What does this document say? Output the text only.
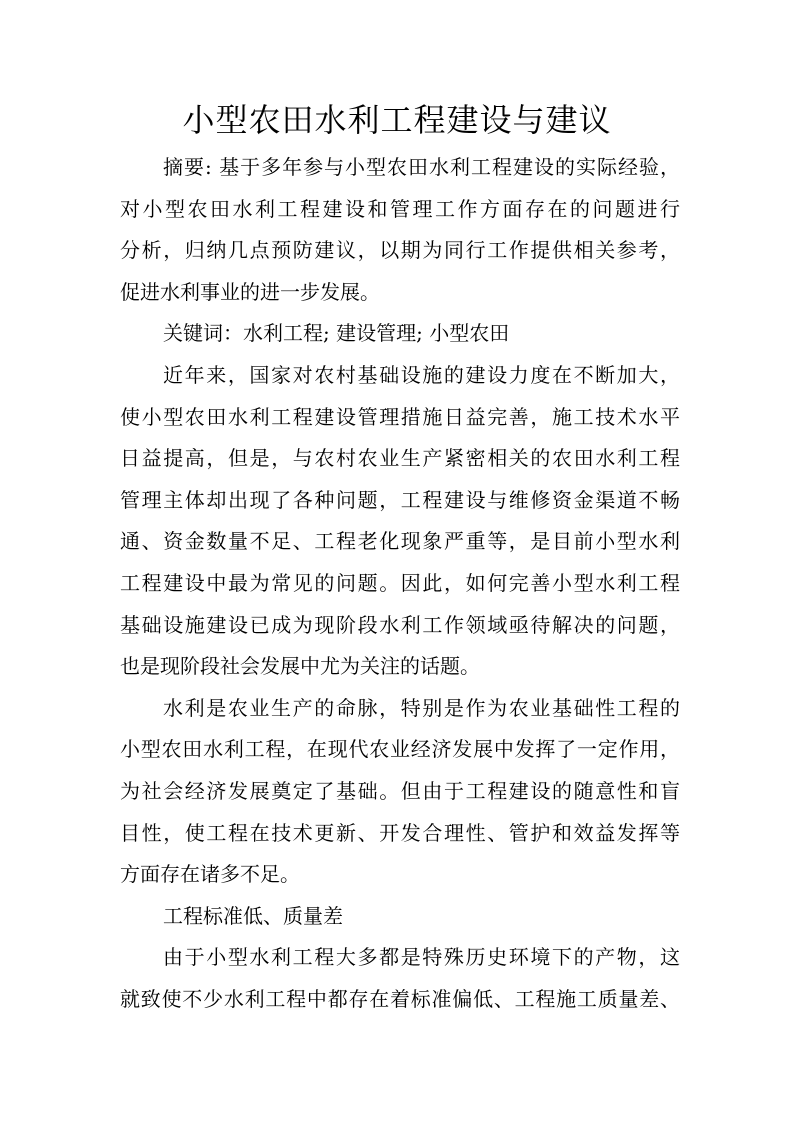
小型农田水利工程建设与建议
摘要: 基于多年参与小型农田水利工程建设的实际经验，
对小型农田水利工程建设和管理工作方面存在的问题进行
分析，归纳几点预防建议，以期为同行工作提供相关参考，
促进水利事业的进一步发展。
关键词：水利工程; 建设管理; 小型农田
近年来，国家对农村基础设施的建设力度在不断加大，
使小型农田水利工程建设管理措施日益完善，施工技术水平
日益提高，但是，与农村农业生产紧密相关的农田水利工程
管理主体却出现了各种问题，工程建设与维修资金渠道不畅
通、资金数量不足、工程老化现象严重等，是目前小型水利
工程建设中最为常见的问题。因此，如何完善小型水利工程
基础设施建设已成为现阶段水利工作领域亟待解决的问题，
也是现阶段社会发展中尤为关注的话题。
水利是农业生产的命脉，特别是作为农业基础性工程的
小型农田水利工程，在现代农业经济发展中发挥了一定作用，
为社会经济发展奠定了基础。但由于工程建设的随意性和盲
目性，使工程在技术更新、开发合理性、管护和效益发挥等
方面存在诸多不足。
工程标准低、质量差
由于小型水利工程大多都是特殊历史环境下的产物，这
就致使不少水利工程中都存在着标准偏低、工程施工质量差、
